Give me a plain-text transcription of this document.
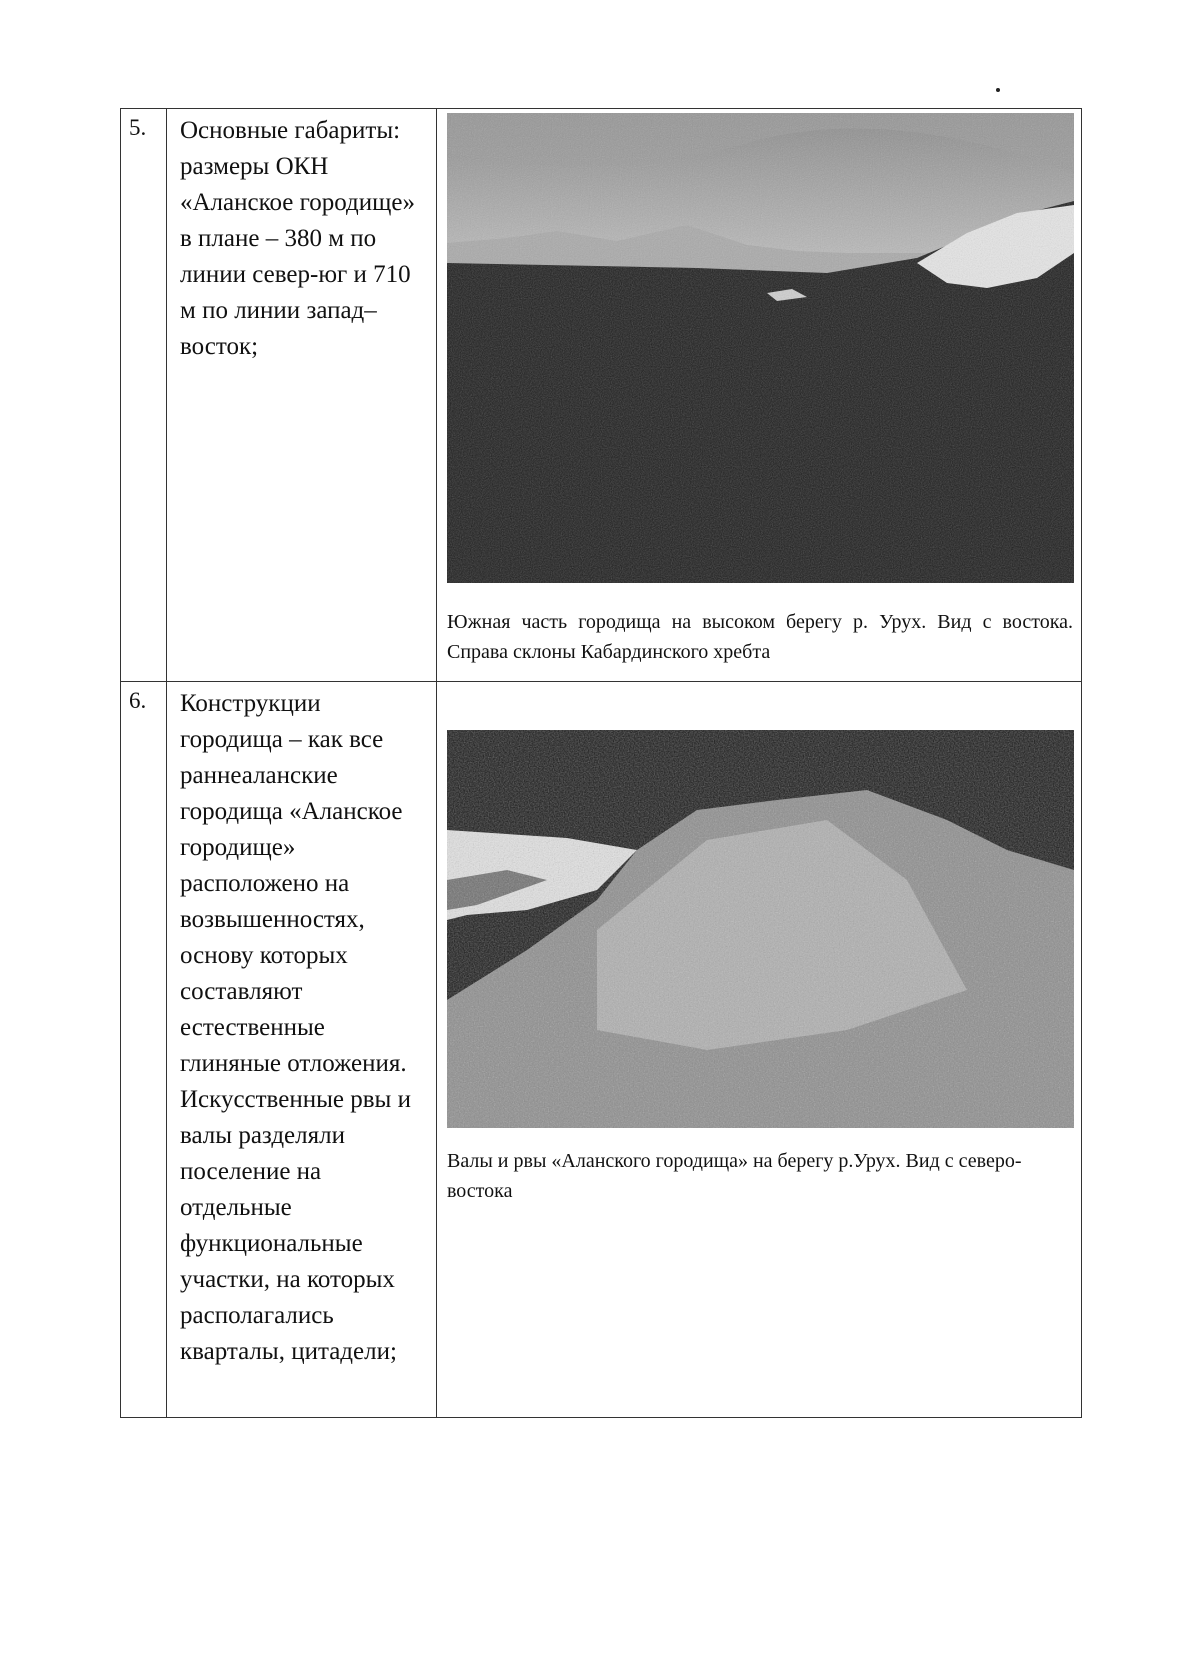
5.	Основные габариты: размеры ОКН «Аланское городище» в плане – 380 м по линии север-юг и 710 м по линии запад–восток;	Южная часть городища на высоком берегу р. Урух. Вид с востока. Справа склоны Кабардинского хребта

6.	Конструкции городища – как все раннеаланские городища «Аланское городище» расположено на возвышенностях, основу которых составляют естественные глиняные отложения. Искусственные рвы и валы разделяли поселение на отдельные функциональные участки, на которых располагались кварталы, цитадели;	Валы и рвы «Аланского городища» на берегу р.Урух. Вид с северо-востока
